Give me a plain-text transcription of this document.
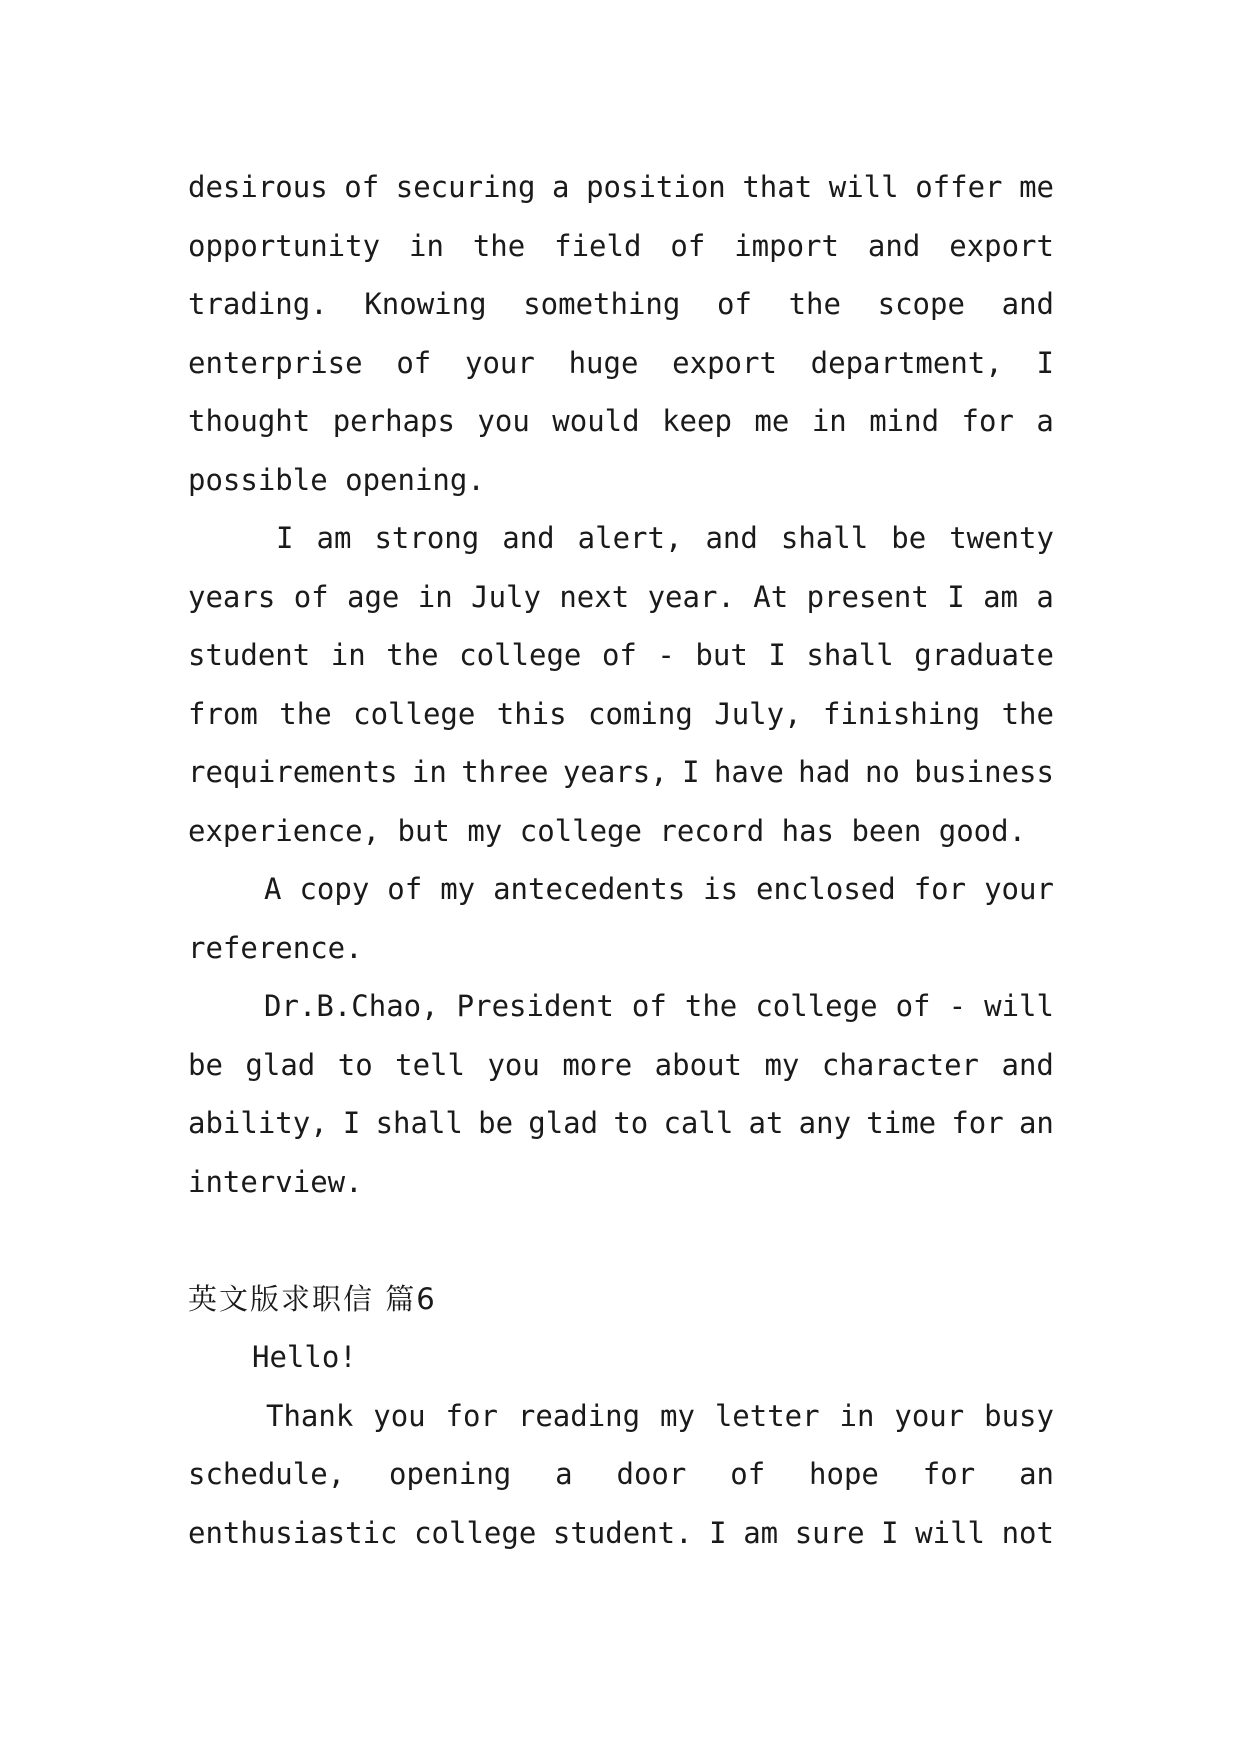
desirous of securing a position that will offer me
opportunity in the field of import and export
trading. Knowing something of the scope and
enterprise of your huge export department, I
thought perhaps you would keep me in mind for a
possible opening.
I am strong and alert, and shall be twenty
years of age in July next year. At present I am a
student in the college of - but I shall graduate
from the college this coming July, finishing the
requirements in three years, I have had no business
experience, but my college record has been good.
A copy of my antecedents is enclosed for your
reference.
Dr.B.Chao, President of the college of - will
be glad to tell you more about my character and
ability, I shall be glad to call at any time for an
interview.
英文版求职信 篇6
Hello!
Thank you for reading my letter in your busy
schedule, opening a door of hope for an
enthusiastic college student. I am sure I will not
